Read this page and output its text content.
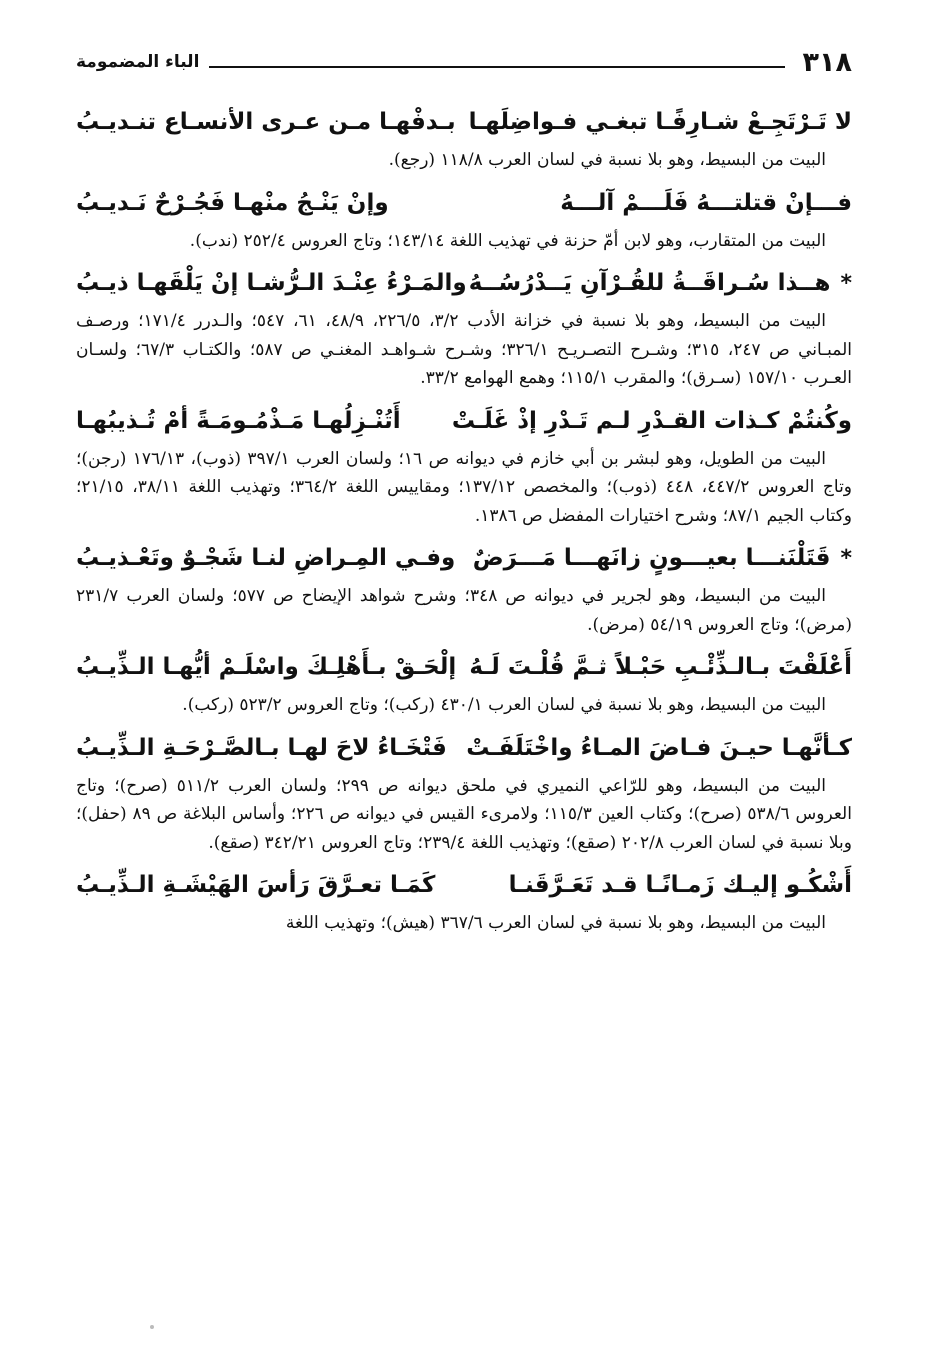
٣١٨
الباء المضمومة
لا تَـرْتَجِـعْ شـارِفًـا تبغـي فـواضِلَهـا
بـدفْهـا مـن عـرى الأنسـاع تنـديـبُ

البيت من البسيط، وهو بلا نسبة في لسان العرب ١١٨/٨ (رجع).

فـــإنْ قتلتـــهُ فَلَـــمْ آلـــهُ
وإنْ يَنْـجُ منْهـا فَجُـرْحٌ نَـديـبُ

البيت من المتقارب، وهو لابن أمّ حزنة في تهذيب اللغة ١٤٣/١٤؛ وتاج العروس ٢٥٢/٤ (ندب).

*
هــذا سُـراقَــةُ للقُـرْآنِ يَــدْرُسُــهُ
والمَـرْءُ عِنْـدَ الـرُّشـا إنْ يَلْقَهـا ذيـبُ

البيت من البسيط، وهو بلا نسبة في خزانة الأدب ٣/٢، ٢٢٦/٥، ٤٨/٩، ٦١، ٥٤٧؛ والـدرر ١٧١/٤؛ ورصـف المبـاني ص ٢٤٧، ٣١٥؛ وشـرح التصـريـح ٣٢٦/١؛ وشـرح شـواهـد المغنـي ص ٥٨٧؛ والكتـاب ٦٧/٣؛ ولسـان العـرب ١٥٧/١٠ (سـرق)؛ والمقرب ١١٥/١؛ وهمع الهوامع ٣٣/٢.

وكُنتُمْ كـذات القـدْرِ لـم تَـدْرِ إذْ غَلَـتْ
أَتُنْـزِلُهـا مَـذْمُـومَـةً أمْ تُـذيبُهـا

البيت من الطويل، وهو لبشر بن أبي خازم في ديوانه ص ١٦؛ ولسان العرب ٣٩٧/١ (ذوب)، ١٧٦/١٣ (رجن)؛ وتاج العروس ٤٤٧/٢، ٤٤٨ (ذوب)؛ والمخصص ١٣٧/١٢؛ ومقاييس اللغة ٣٦٤/٢؛ وتهذيب اللغة ٣٨/١١، ٢١/١٥؛ وكتاب الجيم ٨٧/١؛ وشرح اختيارات المفضل ص ١٣٨٦.

*
قَتَلْنَنـــا بعيـــونٍ زانَهـــا مَـــرَضٌ
وفـي المِـراضِ لنـا شَجْـوٌ وتَعْـذيـبُ

البيت من البسيط، وهو لجرير في ديوانه ص ٣٤٨؛ وشرح شواهد الإيضاح ص ٥٧٧؛ ولسان العرب ٢٣١/٧ (مرض)؛ وتاج العروس ٥٤/١٩ (مرض).

أَعْلَقْتَ بـالـذِّئْـبِ حَبْـلاً ثـمَّ قُلْـتَ لَـهُ
إلْحَـقْ بـأَهْلِـكَ واسْلَـمْ أيُّهـا الـذِّيـبُ

البيت من البسيط، وهو بلا نسبة في لسان العرب ٤٣٠/١ (ركب)؛ وتاج العروس ٥٢٣/٢ (ركب).

كـأنَّهـا حيـنَ فـاضَ المـاءُ واخْتَلَفَـتْ
فَتْخَـاءُ لاحَ لهـا بـالصَّـرْحَـةِ الـذِّيـبُ

البيت من البسيط، وهو للرّاعي النميري في ملحق ديوانه ص ٢٩٩؛ ولسان العرب ٥١١/٢ (صرح)؛ وتاج العروس ٥٣٨/٦ (صرح)؛ وكتاب العين ١١٥/٣؛ ولامرىء القيس في ديوانه ص ٢٢٦؛ وأساس البلاغة ص ٨٩ (حفل)؛ وبلا نسبة في لسان العرب ٢٠٢/٨ (صقع)؛ وتهذيب اللغة ٢٣٩/٤؛ وتاج العروس ٣٤٢/٢١ (صقع).

أَشْكُـو إليـك زَمـانًـا قـد تَعَـرَّقَنـا
كَمَـا تعـرَّقَ رَأسَ الهَيْشَـةِ الـذِّيـبُ

البيت من البسيط، وهو بلا نسبة في لسان العرب ٣٦٧/٦ (هيش)؛ وتهذيب اللغة
